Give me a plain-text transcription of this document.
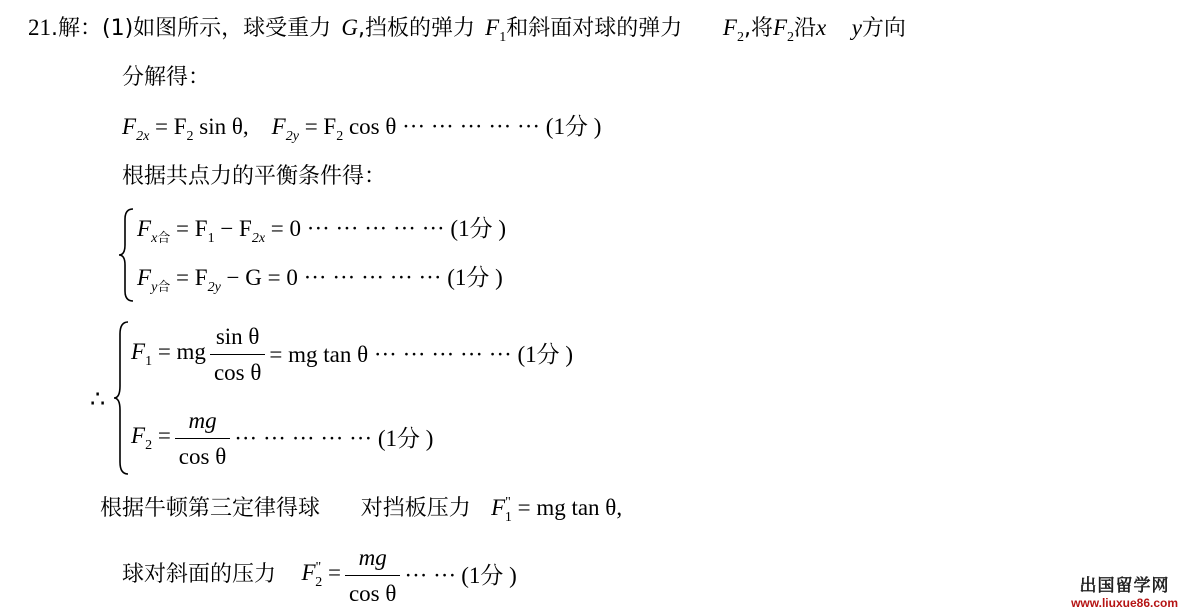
21.解：(1)如图所示，球受重力 G,挡板的弹力 $F_1$和斜面对球的弹力 $F_2$,将$F_2$沿x y方向
分解得：
$F_{2x} = F_2$ sin θ, $F_{2y} = F_2$ cos θ ··· ··· ··· ··· ··· (1分 )
根据共点力的平衡条件得：
$F_{x合} = F_1 - F_{2x} = 0$ ··· ··· ··· ··· ··· (1分 )
$F_{y合} = F_{2y} - G = 0$ ··· ··· ··· ··· ··· (1分 )
∴
$F_1$ = mg $\frac{\text{sin θ}}{\text{cos θ}}$ = mg tan θ
··· ··· ··· ··· ···
(1分 )
$F_2 = \frac{mg}{\text{cos θ}}$ ··· ··· ··· ··· ···
(1分 )
根据牛顿第三定律得球 对挡板压力 $F^"_1$ = mg tan θ,
球对斜面的压力
$F^"_2 = \frac{mg}{\text{cos θ}}$ ··· ···
(1分 )	出国留学网
www.liuxue86.com
